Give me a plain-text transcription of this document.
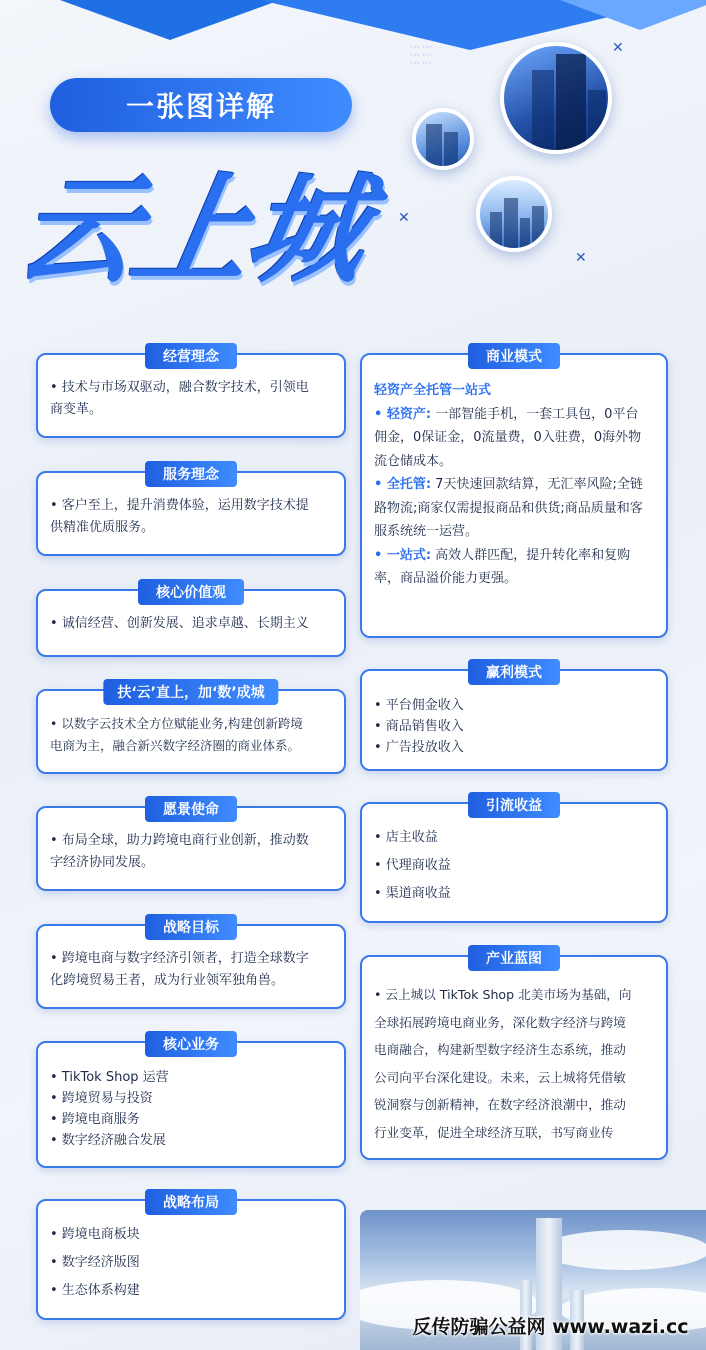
⋯⋯
⋯⋯
⋯⋯
✕
✕
✕
一张图详解
云上城
经营理念
• 技术与市场双驱动，融合数字技术，引领电
商变革。
服务理念
• 客户至上，提升消费体验，运用数字技术提
供精准优质服务。
核心价值观
• 诚信经营、创新发展、追求卓越、长期主义
扶‘云’直上，加‘数’成城
• 以数字云技术全方位赋能业务,构建创新跨境
电商为主，融合新兴数字经济圈的商业体系。
愿景使命
• 布局全球，助力跨境电商行业创新，推动数
字经济协同发展。
战略目标
• 跨境电商与数字经济引领者，打造全球数字
化跨境贸易王者，成为行业领军独角兽。
核心业务
• TikTok Shop 运营
• 跨境贸易与投资
• 跨境电商服务
• 数字经济融合发展
战略布局
• 跨境电商板块
• 数字经济版图
• 生态体系构建
商业模式
轻资产全托管一站式
• 轻资产: 一部智能手机，一套工具包，0平台
佣金，0保证金，0流量费，0入驻费，0海外物
流仓储成本。
• 全托管: 7天快速回款结算，无汇率风险;全链
路物流;商家仅需提报商品和供货;商品质量和客
服系统统一运营。
• 一站式: 高效人群匹配，提升转化率和复购
率，商品溢价能力更强。
赢利模式
• 平台佣金收入
• 商品销售收入
• 广告投放收入
引流收益
• 店主收益
• 代理商收益
• 渠道商收益
产业蓝图
• 云上城以 TikTok Shop 北美市场为基础，向
全球拓展跨境电商业务，深化数字经济与跨境
电商融合，构建新型数字经济生态系统，推动
公司向平台深化建设。未来，云上城将凭借敏
锐洞察与创新精神，在数字经济浪潮中，推动
行业变革，促进全球经济互联，书写商业传
反传防骗公益网 www.wazi.cc
